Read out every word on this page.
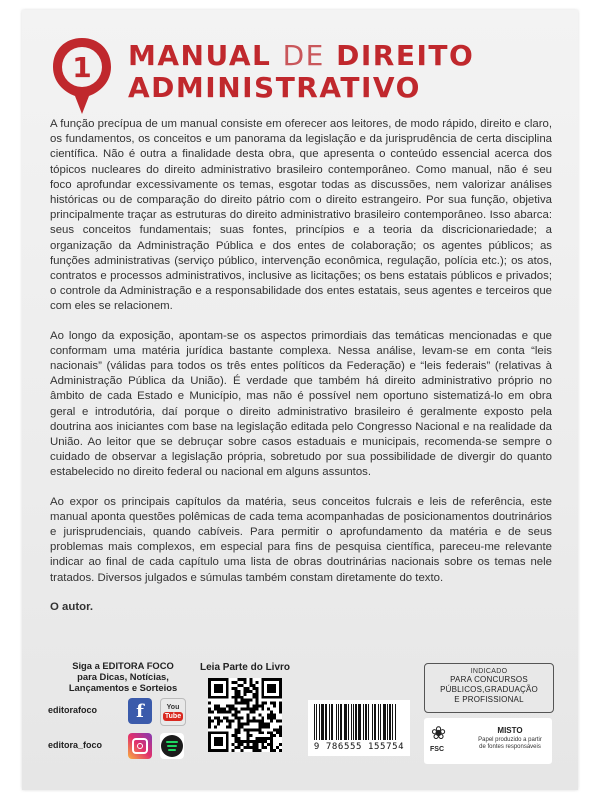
1 MANUAL DE DIREITO
ADMINISTRATIVO

A função precípua de um manual consiste em oferecer aos leitores, de modo rápido, direito e claro, os fundamentos, os conceitos e um panorama da legislação e da jurisprudência de certa disciplina científica. Não é outra a finalidade desta obra, que apresenta o conteúdo essencial acerca dos tópicos nucleares do direito administrativo brasileiro contemporâneo. Como manual, não é seu foco aprofundar excessivamente os temas, esgotar todas as discussões, nem valorizar análises históricas ou de comparação do direito pátrio com o direito estrangeiro. Por sua função, objetiva principalmente traçar as estruturas do direito administrativo brasileiro contemporâneo. Isso abarca: seus conceitos fundamentais; suas fontes, princípios e a teoria da discricionariedade; a organização da Administração Pública e dos entes de colaboração; os agentes públicos; as funções administrativas (serviço público, intervenção econômica, regulação, polícia etc.); os atos, contratos e processos administrativos, inclusive as licitações; os bens estatais públicos e privados; o controle da Administração e a responsabilidade dos entes estatais, seus agentes e terceiros que com eles se relacionem.

Ao longo da exposição, apontam-se os aspectos primordiais das temáticas mencionadas e que conformam uma matéria jurídica bastante complexa. Nessa análise, levam-se em conta “leis nacionais” (válidas para todos os três entes políticos da Federação) e “leis federais” (relativas à Administração Pública da União). É verdade que também há direito administrativo próprio no âmbito de cada Estado e Município, mas não é possível nem oportuno sistematizá-lo em obra geral e introdutória, daí porque o direito administrativo brasileiro é geralmente exposto pela doutrina aos iniciantes com base na legislação editada pelo Congresso Nacional e na realidade da União. Ao leitor que se debruçar sobre casos estaduais e municipais, recomenda-se sempre o cuidado de observar a legislação própria, sobretudo por sua possibilidade de divergir do quanto estabelecido no direito federal ou nacional em alguns assuntos.

Ao expor os principais capítulos da matéria, seus conceitos fulcrais e leis de referência, este manual aponta questões polêmicas de cada tema acompanhadas de posicionamentos doutrinários e jurisprudenciais, quando cabíveis. Para permitir o aprofundamento da matéria e de seus problemas mais complexos, em especial para fins de pesquisa científica, pareceu-me relevante indicar ao final de cada capítulo uma lista de obras doutrinárias nacionais sobre os temas nele tratados. Diversos julgados e súmulas também constam diretamente do texto.

O autor.

Siga a EDITORA FOCO
para Dicas, Notícias,
Lançamentos e Sorteios
editorafoco	f	You
Tube
editora_foco
Leia Parte do Livro
9 786555 155754
INDICADO
PARA CONCURSOS
PÚBLICOS,GRADUAÇÃO
E PROFISSIONAL
❀
FSC
MISTO
Papel produzido a partir
de fontes responsáveis
